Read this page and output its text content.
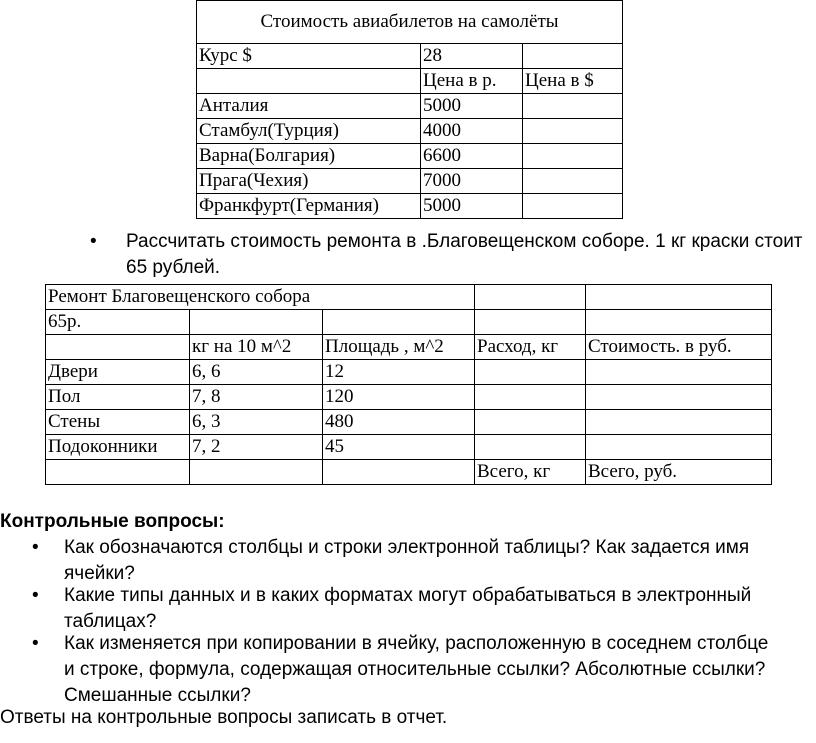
Стоимость авиабилетов на самолёты		
Курс $	28	
	Цена в р.	Цена в $
Анталия	5000	
Стамбул(Турция)	4000	
Варна(Болгария)	6600	
Прага(Чехия)	7000	
Франкфурт(Германия)	5000	
• Рассчитать стоимость ремонта в .Благовещенском соборе. 1 кг краски стоит 65 рублей.
Ремонт Благовещенского собора				
65р.				
	кг на 10 м^2	Площадь , м^2	Расход, кг	Стоимость. в руб.
Двери	6, 6	12		
Пол	7, 8	120		
Стены	6, 3	480		
Подоконники	7, 2	45		
			Всего, кг	Всего, руб.
Контрольные вопросы:
• Как обозначаются столбцы и строки электронной таблицы? Как задается имя ячейки?
• Какие типы данных и в каких форматах могут обрабатываться в электронный таблицах?
• Как изменяется при копировании в ячейку, расположенную в соседнем столбце и строке, формула, содержащая относительные ссылки? Абсолютные ссылки? Смешанные ссылки?
Ответы на контрольные вопросы записать в отчет.
